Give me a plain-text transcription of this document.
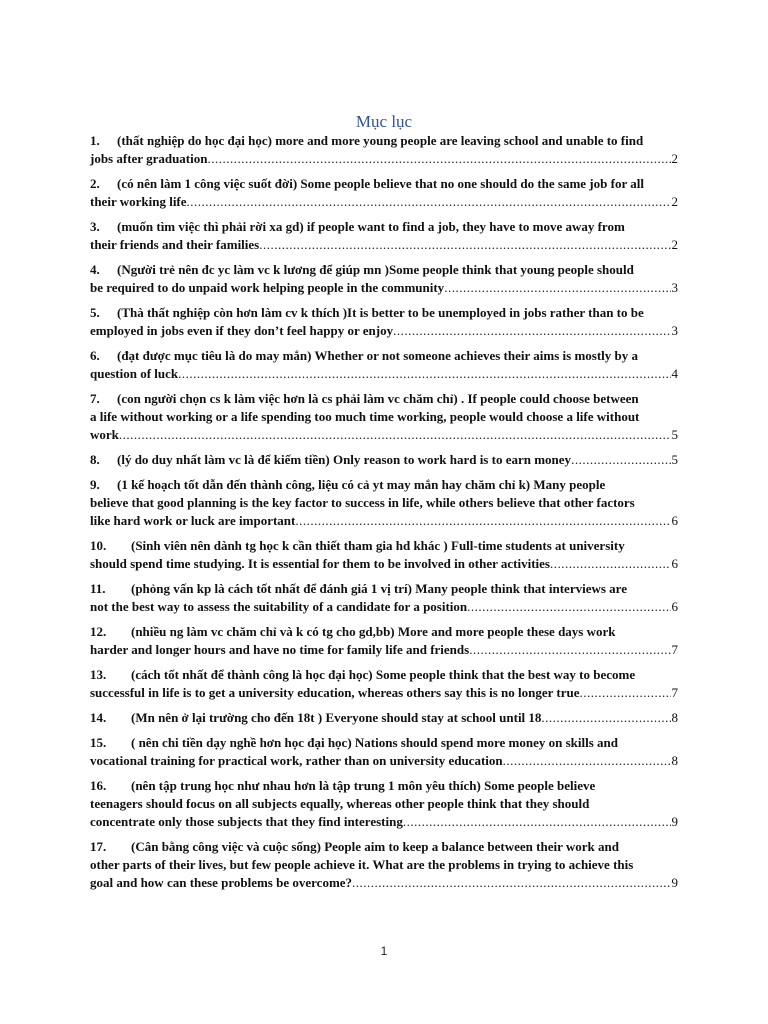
Mục lục
1. (thất nghiệp do học đại học) more and more young people are leaving school and unable to find
jobs after graduation .....	2
2. (có nên làm 1 công việc suốt đời) Some people believe that no one should do the same job for all
their working life .....	2
3. (muốn tìm việc thì phải rời xa gd) if people want to find a job, they have to move away from
their friends and their families .....	2
4. (Người trẻ nên đc yc làm vc k lương để giúp mn )Some people think that young people should
be required to do unpaid work helping people in the community .....	3
5. (Thà thất nghiệp còn hơn làm cv k thích )It is better to be unemployed in jobs rather than to be
employed in jobs even if they don’t feel happy or enjoy .....	3
6. (đạt được mục tiêu là do may mắn) Whether or not someone achieves their aims is mostly by a
question of luck .....	4
7. (con người chọn cs k làm việc hơn là cs phải làm vc chăm chỉ) . If people could choose between
a life without working or a life spending too much time working, people would choose a life without
work .....	5
8. (lý do duy nhất làm vc là để kiếm tiền) Only reason to work hard is to earn money .....	5
9. (1 kế hoạch tốt dẫn đến thành công, liệu có cả yt may mắn hay chăm chỉ k) Many people
believe that good planning is the key factor to success in life, while others believe that other factors
like hard work or luck are important .....	6
10. (Sinh viên nên dành tg học k cần thiết tham gia hd khác ) Full-time students at university
should spend time studying. It is essential for them to be involved in other activities .....	6
11. (phỏng vấn kp là cách tốt nhất để đánh giá 1 vị trí) Many people think that interviews are
not the best way to assess the suitability of a candidate for a position .....	6
12. (nhiều ng làm vc chăm chỉ và k có tg cho gd,bb) More and more people these days work
harder and longer hours and have no time for family life and friends .....	7
13. (cách tốt nhất để thành công là học đại học) Some people think that the best way to become
successful in life is to get a university education, whereas others say this is no longer true .....	7
14. (Mn nên ở lại trường cho đến 18t ) Everyone should stay at school until 18 .....	8
15. ( nên chi tiền dạy nghề hơn học đại học) Nations should spend more money on skills and
vocational training for practical work, rather than on university education .....	8
16. (nên tập trung học như nhau hơn là tập trung 1 môn yêu thích) Some people believe
teenagers should focus on all subjects equally, whereas other people think that they should
concentrate only those subjects that they find interesting .....	9
17. (Cân bằng công việc và cuộc sống) People aim to keep a balance between their work and
other parts of their lives, but few people achieve it. What are the problems in trying to achieve this
goal and how can these problems be overcome? .....	9
1
